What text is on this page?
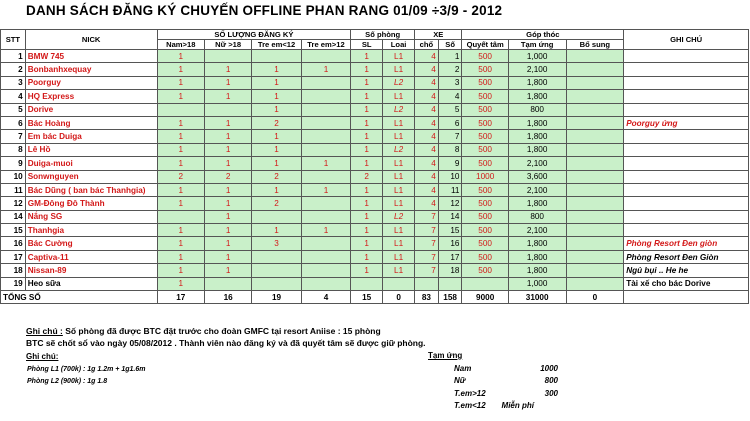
DANH SÁCH ĐĂNG KÝ CHUYẾN OFFLINE PHAN RANG 01/09 ÷3/9 - 2012
STT	NICK	SỐ LƯỢNG ĐĂNG KÝ				Số phòng		XE		Góp thóc			GHI CHÚ
		Nam>18	Nữ >18	Tre em<12	Tre em>12	SL	Loai	chổ	Số	Quyết tâm	Tạm ứng	Bổ sung	
1	BMW 745	1				1	L1	4	1	500	1,000		
2	Bonbanhxequay	1	1	1	1	1	L1	4	2	500	2,100		
3	Poorguy	1	1	1		1	L2	4	3	500	1,800		
4	HQ Express	1	1	1		1	L1	4	4	500	1,800		
5	Dorive			1		1	L2	4	5	500	800		
6	Bác Hoàng	1	1	2		1	L1	4	6	500	1,800		Poorguy ứng
7	Em bác Duiga	1	1	1		1	L1	4	7	500	1,800		
8	Lê Hồ	1	1	1		1	L2	4	8	500	1,800		
9	Duiga-muoi	1	1	1	1	1	L1	4	9	500	2,100		
10	Sonwnguyen	2	2	2		2	L1	4	10	1000	3,600		
11	Bác Dũng ( ban bác Thanhgia)	1	1	1	1	1	L1	4	11	500	2,100		
12	GM-Đông Đô Thành	1	1	2		1	L1	4	12	500	1,800		
14	Nắng SG		1			1	L2	7	14	500	800		
15	Thanhgia	1	1	1	1	1	L1	7	15	500	2,100		
16	Bác Cường	1	1	3		1	L1	7	16	500	1,800		Phòng Resort Đen giòn
17	Captiva-11	1	1			1	L1	7	17	500	1,800		Phòng Resort Đen Giòn
18	Nissan-89	1	1			1	L1	7	18	500	1,800		Ngủ bụi .. He he
19	Heo sữa	1									1,000		Tài xế cho bác Dorive
TỔNG SỐ		17	16	19	4	15	0	83	158	9000	31000	0	
Ghi chú : Số phòng đã được BTC đặt trước cho đoàn GMFC tại resort Aniise : 15 phòng
BTC sẽ chốt sổ vào ngày 05/08/2012 . Thành viên nào đăng ký và đã quyết tâm sẽ được giữ phòng.
Ghi chú:
Phòng L1 (700k) : 1g 1.2m + 1g1.6m
Phòng L2 (900k) : 1g 1.8
Tạm ứng
Nam	1000
Nữ	800
T.em>12	300
T.em<12	Miễn phí
